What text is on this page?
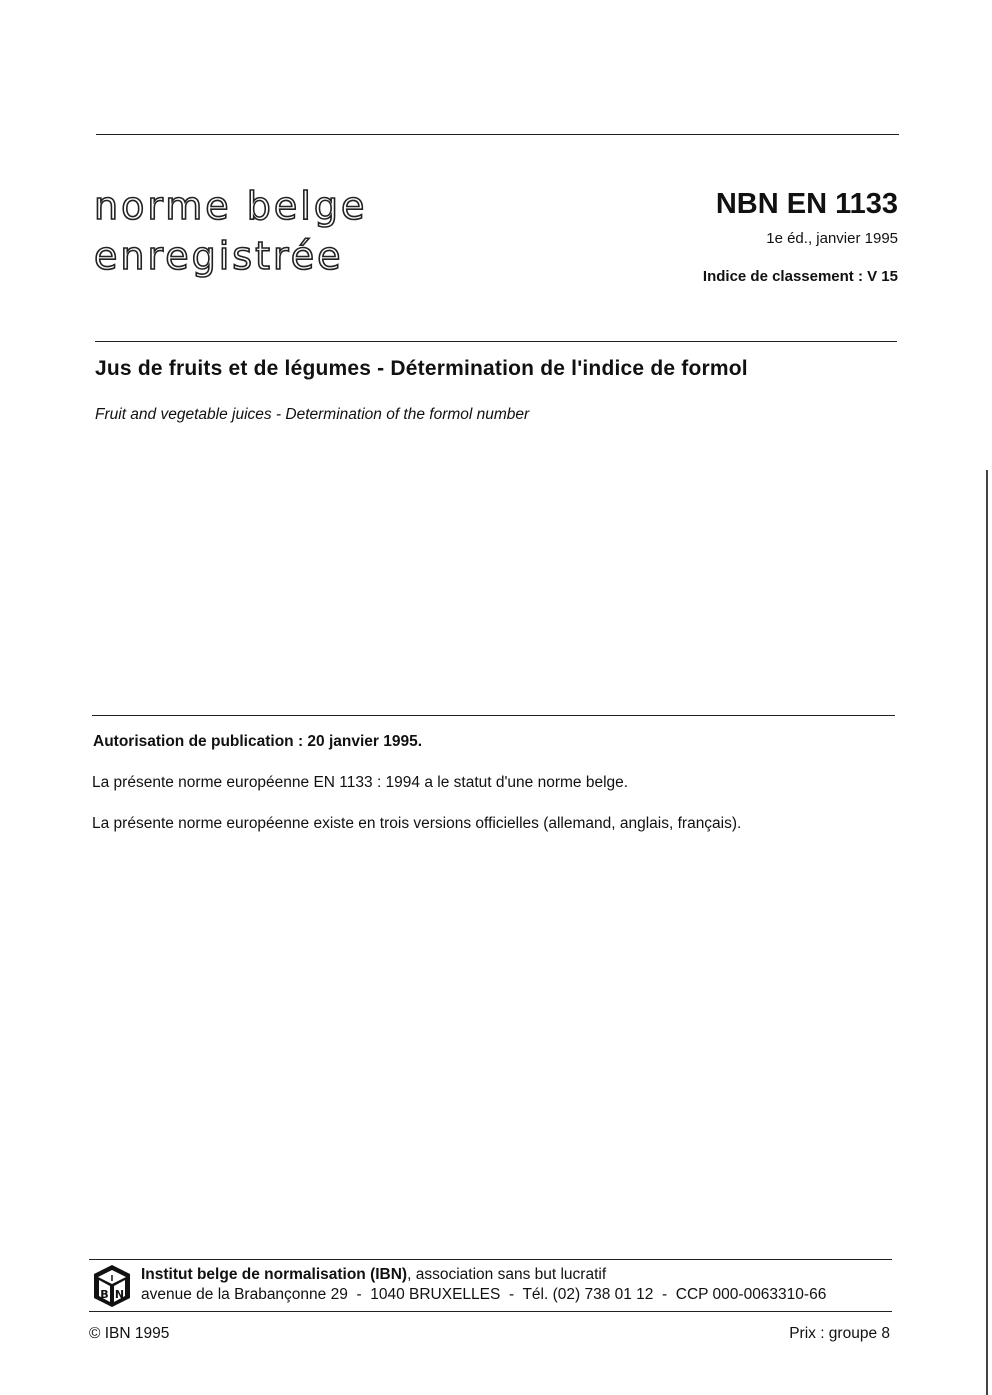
norme belge
enregistrée
NBN EN 1133
1e éd., janvier 1995
Indice de classement : V 15
Jus de fruits et de légumes - Détermination de l'indice de formol
Fruit and vegetable juices - Determination of the formol number
Autorisation de publication : 20 janvier 1995.
La présente norme européenne EN 1133 : 1994 a le statut d'une norme belge.
La présente norme européenne existe en trois versions officielles (allemand, anglais, français).
B N
I Institut belge de normalisation (IBN), association sans but lucratif
avenue de la Brabançonne 29  -  1040 BRUXELLES  -  Tél. (02) 738 01 12  -  CCP 000-0063310-66
© IBN 1995	Prix : groupe 8
